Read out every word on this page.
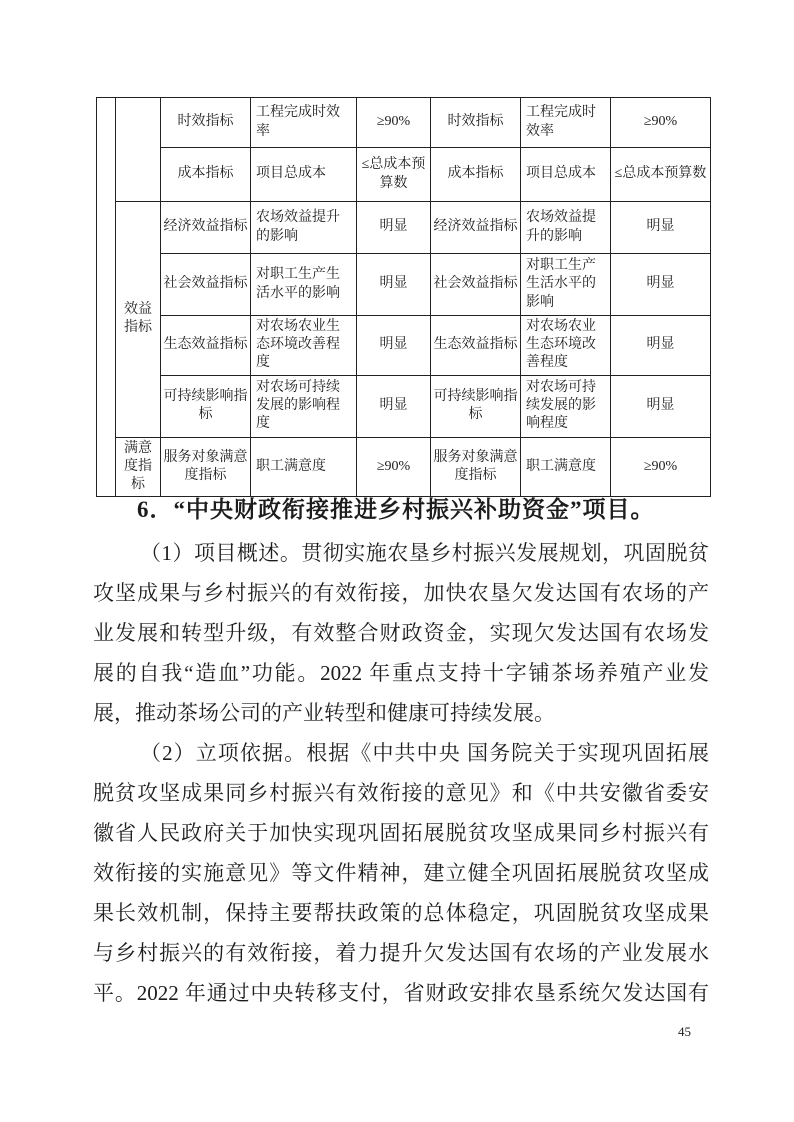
		时效指标	工程完成时效率	≥90%	时效指标	工程完成时效率	≥90%
		成本指标	项目总成本	≤总成本预算数	成本指标	项目总成本	≤总成本预算数
	效益指标	经济效益指标	农场效益提升的影响	明显	经济效益指标	农场效益提升的影响	明显
		社会效益指标	对职工生产生活水平的影响	明显	社会效益指标	对职工生产生活水平的影响	明显
		生态效益指标	对农场农业生态环境改善程度	明显	生态效益指标	对农场农业生态环境改善程度	明显
		可持续影响指标	对农场可持续发展的影响程度	明显	可持续影响指标	对农场可持续发展的影响程度	明显
	满意度指标	服务对象满意度指标	职工满意度	≥90%	服务对象满意度指标	职工满意度	≥90%
6．“中央财政衔接推进乡村振兴补助资金”项目。
（1）项目概述。贯彻实施农垦乡村振兴发展规划，巩固脱贫
攻坚成果与乡村振兴的有效衔接，加快农垦欠发达国有农场的产
业发展和转型升级，有效整合财政资金，实现欠发达国有农场发
展的自我“造血”功能。2022 年重点支持十字铺茶场养殖产业发
展，推动茶场公司的产业转型和健康可持续发展。
（2）立项依据。根据《中共中央 国务院关于实现巩固拓展
脱贫攻坚成果同乡村振兴有效衔接的意见》和《中共安徽省委安
徽省人民政府关于加快实现巩固拓展脱贫攻坚成果同乡村振兴有
效衔接的实施意见》等文件精神，建立健全巩固拓展脱贫攻坚成
果长效机制，保持主要帮扶政策的总体稳定，巩固脱贫攻坚成果
与乡村振兴的有效衔接，着力提升欠发达国有农场的产业发展水
平。2022 年通过中央转移支付，省财政安排农垦系统欠发达国有
45
